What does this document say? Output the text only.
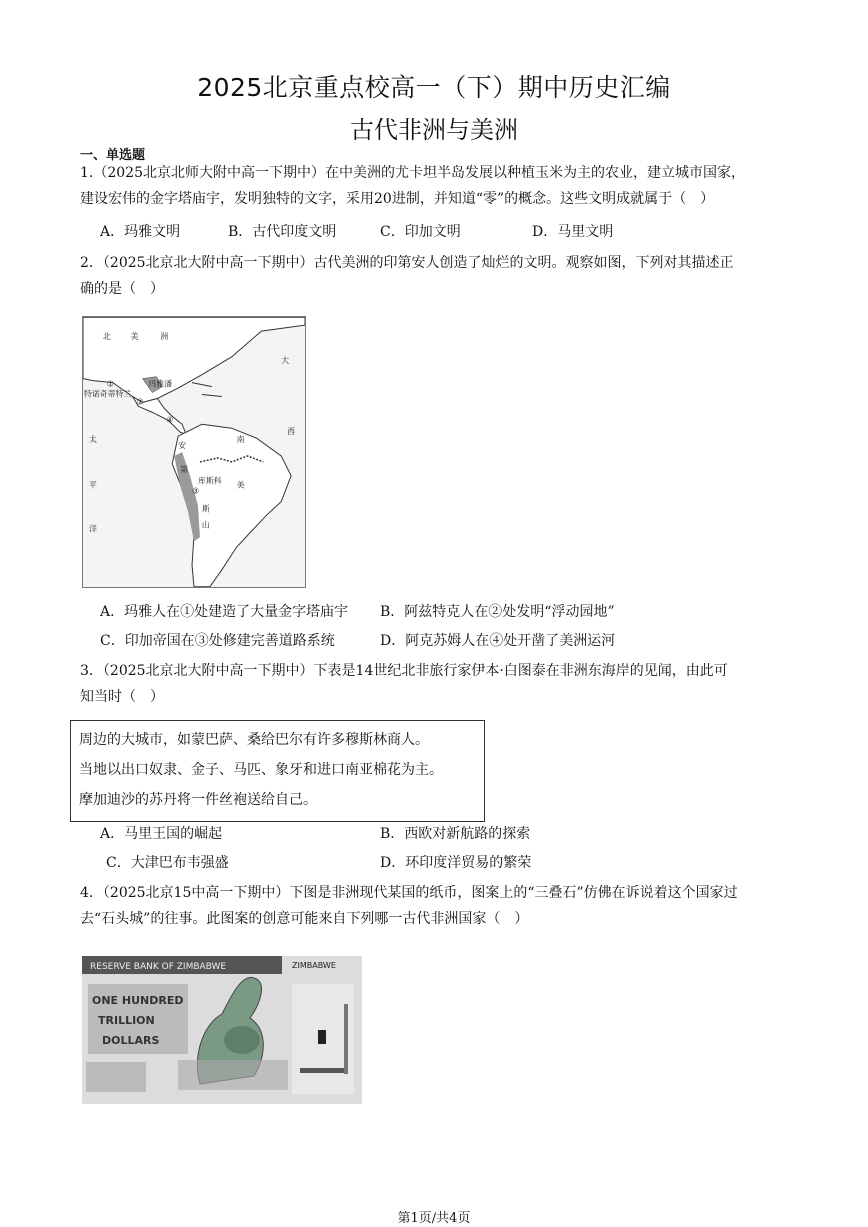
2025北京重点校高一（下）期中历史汇编
古代非洲与美洲
一、单选题
1.（2025北京北师大附中高一下期中）在中美洲的尤卡坦半岛发展以种植玉米为主的农业，建立城市国家，
建设宏伟的金字塔庙宇，发明独特的文字，采用20进制，并知道“零”的概念。这些文明成就属于（　）
A．玛雅文明	B．古代印度文明	C．印加文明	D．马里文明
2．（2025北京北大附中高一下期中）古代美洲的印第安人创造了灿烂的文明。观察如图，下列对其描述正
确的是（　）
北 美	洲
大
西
太
平
洋
南
美
安
第
斯
山
特诺奇蒂特兰
玛雅潘
库斯科
①
②
④
③
A．玛雅人在①处建造了大量金字塔庙宇 B．阿兹特克人在②处发明“浮动园地”
C．印加帝国在③处修建完善道路系统	D．阿克苏姆人在④处开凿了美洲运河
3．（2025北京北大附中高一下期中）下表是14世纪北非旅行家伊本·白图泰在非洲东海岸的见闻，由此可
知当时（　）
周边的大城市，如蒙巴萨、桑给巴尔有许多穆斯林商人。
当地以出口奴隶、金子、马匹、象牙和进口南亚棉花为主。
摩加迪沙的苏丹将一件丝袍送给自己。
A．马里王国的崛起	B．西欧对新航路的探索
C．大津巴布韦强盛	D．环印度洋贸易的繁荣
4．（2025北京15中高一下期中）下图是非洲现代某国的纸币，图案上的“三叠石”仿佛在诉说着这个国家过
去“石头城”的往事。此图案的创意可能来自下列哪一古代非洲国家（　）
RESERVE BANK OF ZIMBABWE	ZIMBABWE
ONE HUNDRED
TRILLION
DOLLARS
第1页/共4页
